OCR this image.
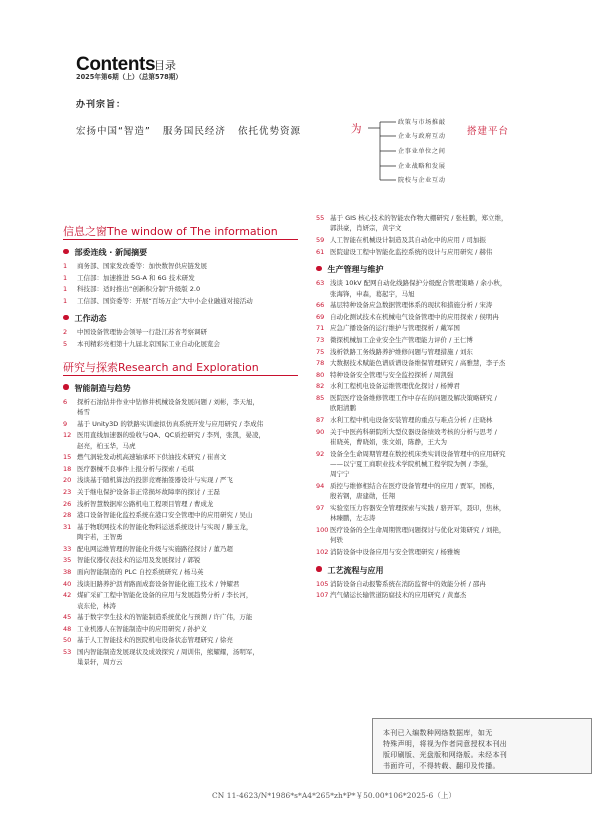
Contents
目录
2025年第6期（上）（总第578期）
办刊宗旨：
宏扬中国“智造”   服务国民经济   依托优势资源	为
政策与市场推敲
企业与政府互动
企事业单位之间
企业战略和发展
院校与企业互动
搭建平台
信息之窗The window of The information
部委连线 · 新闻摘要
1	商务部、国家发改委等：加快数智供应链发展
1	工信部：加速推进 5G-A 和 6G 技术研发
1	科技部：适时推出“创新积分制”升级版 2.0
1	工信部、国资委等：开展“百场万企”大中小企业融通对接活动
工作动态
2	中国设备管理协会领导一行赴江苏省考察调研
5	本刊精彩亮相第十九届北京国际工业自动化展览会
研究与探索Research and Exploration
智能制造与趋势
6	探析石油钻井作业中钻修井机械设备发展问题 / 刘彬，李天旭，
杨雪
9	基于 Unity3D 的铁路实训虚拟仿真系统开发与应用研究 / 李成伟
12 医用直线加速器的验收与QA、QC质控研究 / 李列，张凯，晏凌，
赵亮，柏玉华，马虎
15 燃气涡轮发动机高速轴承环下供油技术研究 / 崔喜文
18 医疗器械不良事件上报分析与探索 / 毛琪
20 浅谈基于随机算法的投影竞赛抽签器设计与实现 / 严飞
23 关于继电保护设备非正常损坏故障率的探讨 / 王磊
26 浅析智慧数据库公路机电工程项目管理 / 曹成龙
28 港口设备智能化监控系统在港口安全管理中的应用研究 / 吴山
31 基于物联网技术的智能化物料运送系统设计与实现 / 滕玉龙，
陶宇若，王智勇
33 配电网运维管理的智能化升级与实施路径探讨 / 董乃超
35 智能仪器仪表技术的运用及发展探讨 / 郭锐
38 面向智能制造的 PLC 自控系统研究 / 杨马英
40 浅谈旧路养护沥青路面成套设备智能化施工技术 / 钟耀君
42 煤矿采矿工程中智能化设备的应用与发展趋势分析 / 李长河，
袁东伦，林涛
45 基于数字孪生技术的智能制造系统优化与预测 / 许广伟，万能
48 工业机器人在智能制造中的应用研究 / 孙护义
50 基于人工智能技术的医院机电设备状态管理研究 / 徐亮
53 国内智能制造发展现状及成效探究 / 周训伟，熊耀耀，汤明军，
巢景轩，周方云
55 基于 GIS 核心技术的智能农作物大棚研究 / 张桂鹏，郑立维，
郭洪豪，肖妍宗，黄宇文
59 人工智能在机械设计制造及其自动化中的应用 / 司加振
61 医院建设工程中智能化监控系统的设计与应用研究 / 赫伟
生产管理与维护
63 浅谈 10kV 配网自动化线路保护分级配合管理策略 / 余小秋，
张海锋，申森，葛起宇，马旭
66 基层特种设备应急数据管理体系的现状和措施分析 / 宋涛
69 自动化测试技术在机械电气设备管理中的应用探索 / 侯明冉
71 应急广播设备的运行维护与管理探析 / 戴军国
73 微探机械加工企业安全生产管理能力评价 / 王仁博
75 浅析铁路工务线路养护维修问题与管理措施 / 刘东
78 大数据技术赋能色谱质谱设备维保管理研究 / 高雅慧，李子杰
80 特种设备安全管理与安全监控探析 / 周凯强
82 水利工程机电设备运维管理优化探讨 / 杨博君
85 医院医疗设备维修管理工作中存在的问题及解决策略研究 /
欧阳清鹏
87 水利工程中机电设备安装管理的重点与难点分析 / 庄晓林
90 关于中医药科研院所大型仪器设备绩效考核的分析与思考 /
崔晓英，曹晓娟，张文娟，陈静，王大为
92 设备全生命周期管理在数控机床类实训设备管理中的应用研究
——以宁夏工商职业技术学院机械工程学院为例 / 李强，
周宁宁
94 质控与维修相结合在医疗设备管理中的应用 / 贾军，国栋，
殷若钢，唐建勋，任翔
97 实验室压力容器安全管理探索与实践 / 骆开军，聂印，焦林，
林臻鹏，左志涛
100 医疗设备的全生命周期管理问题探讨与优化对策研究 / 刘艳，
何轶
102 消防设备中设备应用与安全管理研究 / 杨雅婉
工艺流程与应用
105 消防设备自动报警系统在消防监督中的效能分析 / 邵冉
107 汽气储运长输管道防腐技术的应用研究 / 黄嘉杰
本刊已入编数种网络数据库，如无
特殊声明，将视为作者同意授权本刊出
版印刷版、光盘版和网络版。未经本刊
书面许可，不得转载、翻印及传播。
CN 11-4623/N*1986*s*A4*265*zh*P*￥50.00*106*2025-6（上）
